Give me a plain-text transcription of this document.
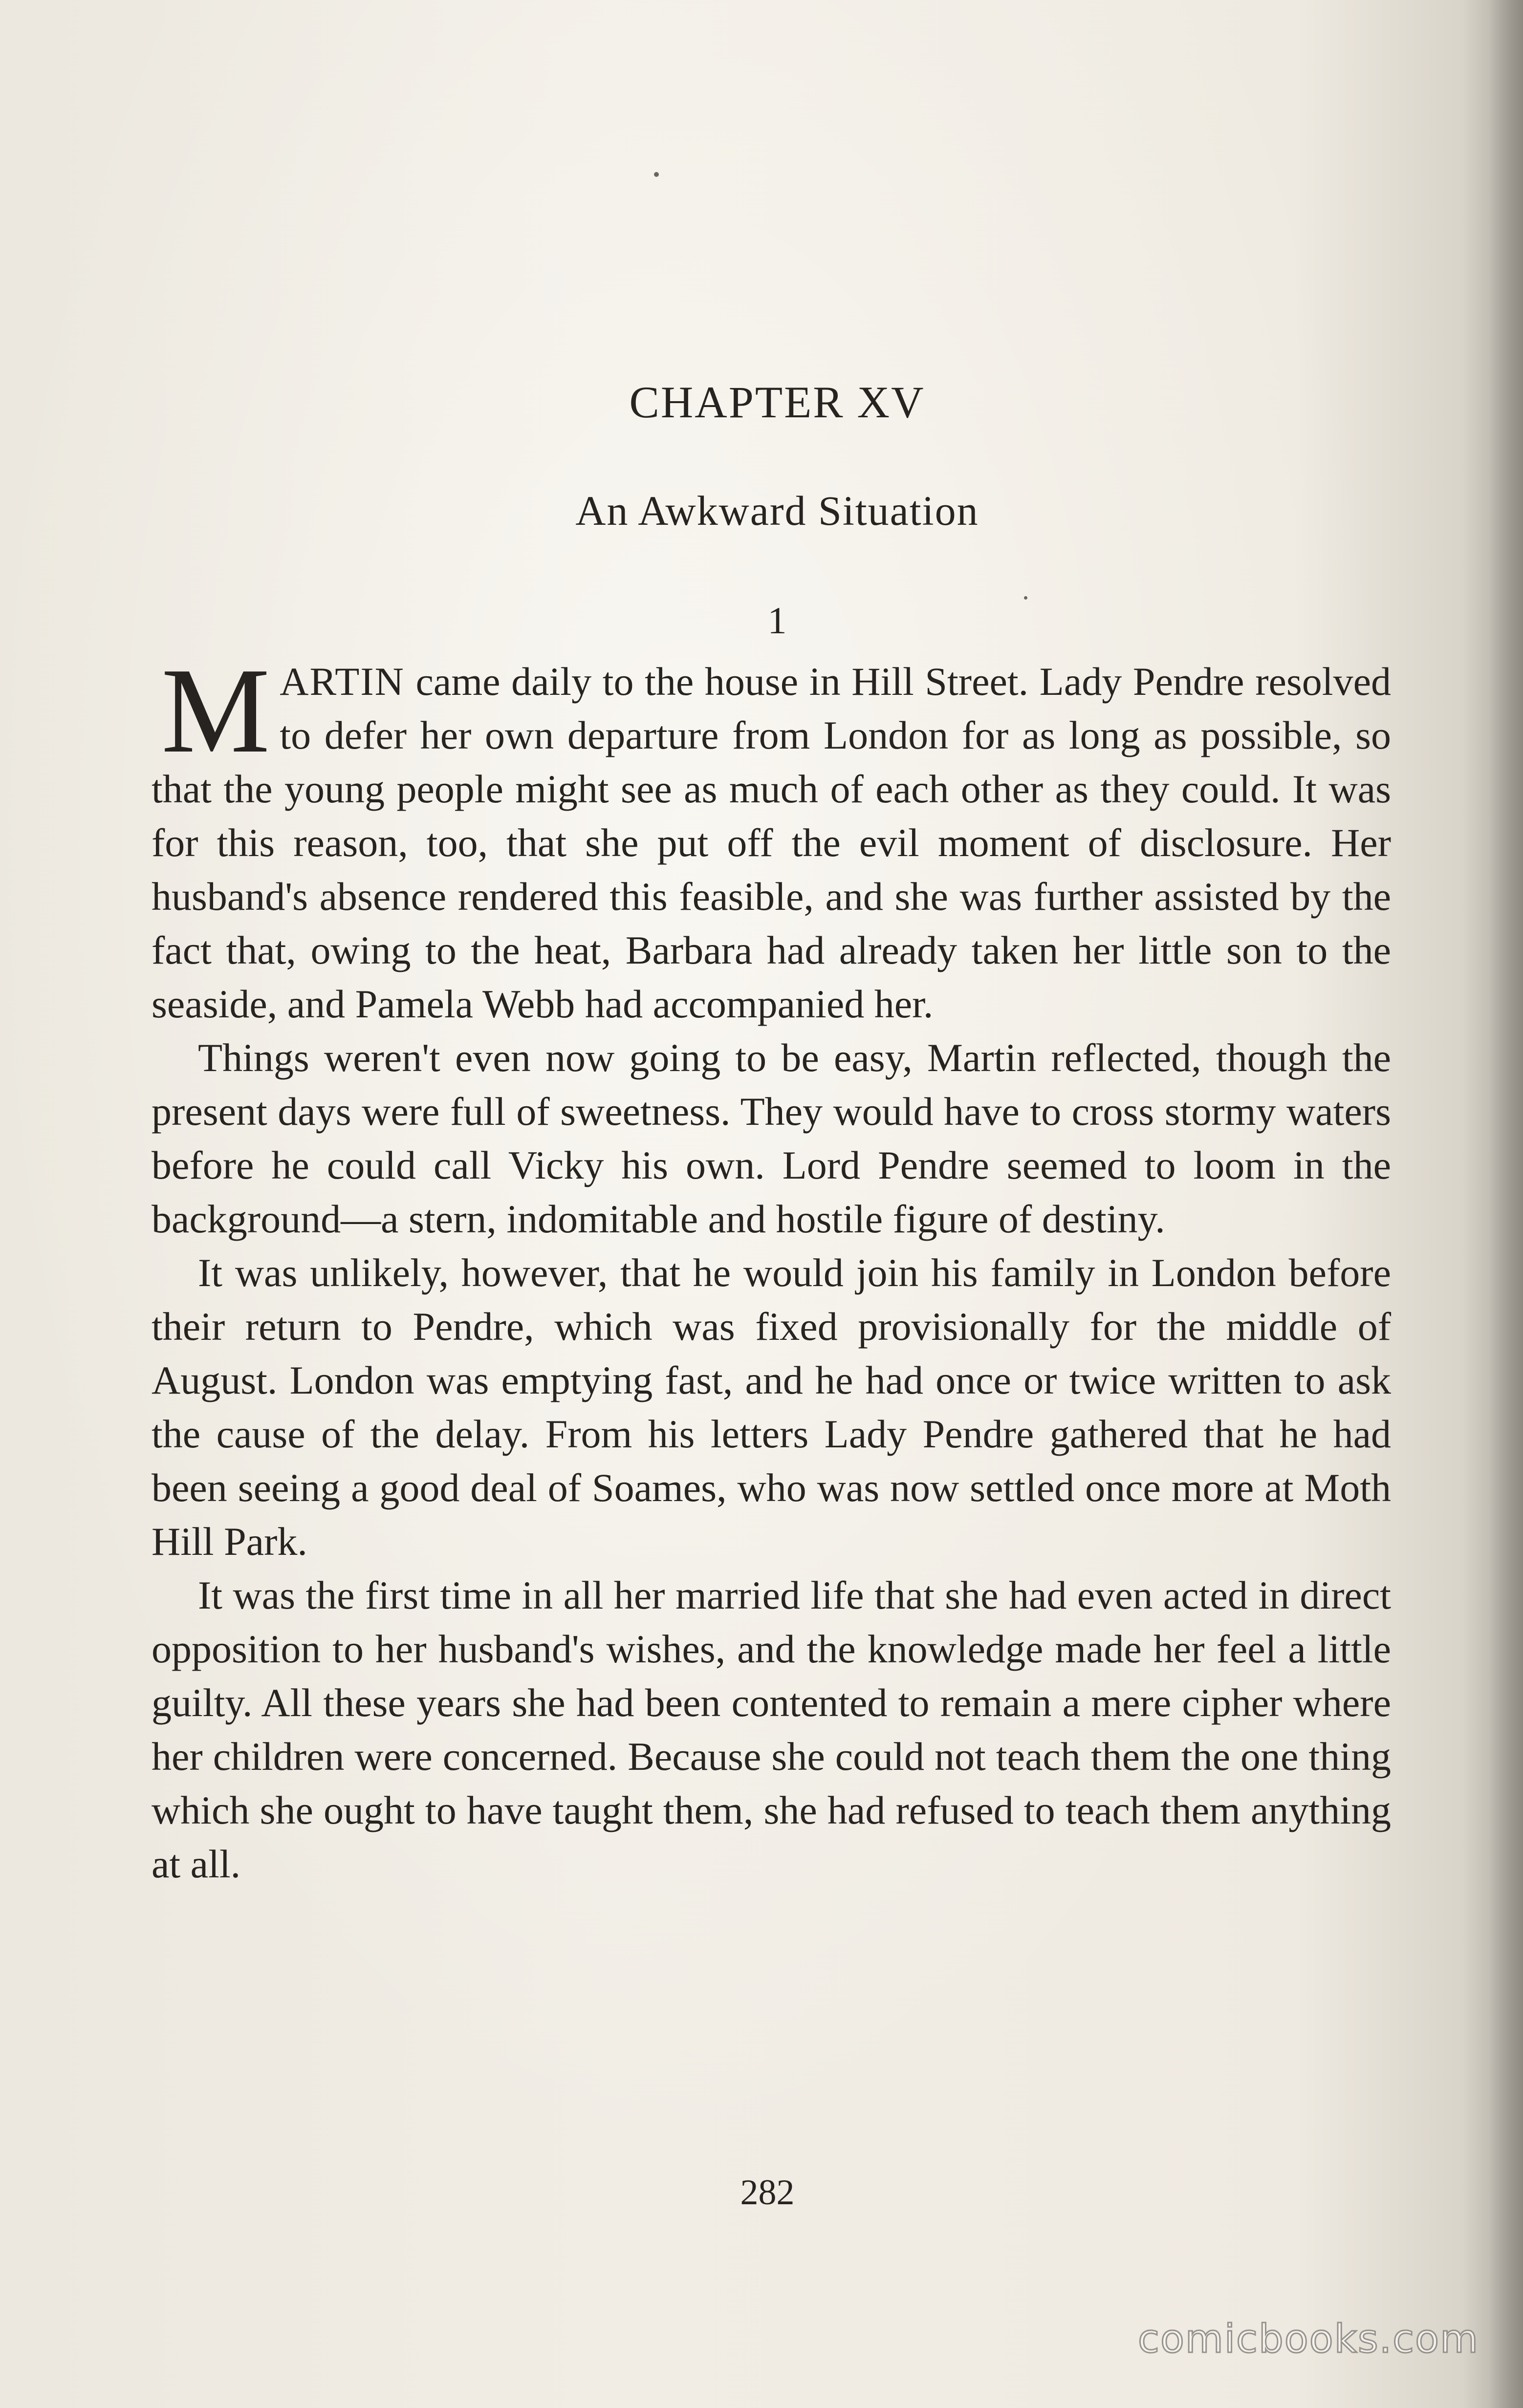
CHAPTER XV
An Awkward Situation
1

MARTIN came daily to the house in Hill Street. Lady Pendre resolved to defer her own departure from London for as long as possible, so that the young people might see as much of each other as they could. It was for this reason, too, that she put off the evil moment of disclosure. Her husband's absence rendered this feasible, and she was further assisted by the fact that, owing to the heat, Barbara had already taken her little son to the seaside, and Pamela Webb had accompanied her.

Things weren't even now going to be easy, Martin reflected, though the present days were full of sweetness. They would have to cross stormy waters before he could call Vicky his own. Lord Pendre seemed to loom in the background—a stern, indomitable and hostile figure of destiny.

It was unlikely, however, that he would join his family in London before their return to Pendre, which was fixed provisionally for the middle of August. London was emptying fast, and he had once or twice written to ask the cause of the delay. From his letters Lady Pendre gathered that he had been seeing a good deal of Soames, who was now settled once more at Moth Hill Park.

It was the first time in all her married life that she had even acted in direct opposition to her husband's wishes, and the knowledge made her feel a little guilty. All these years she had been contented to remain a mere cipher where her children were concerned. Because she could not teach them the one thing which she ought to have taught them, she had refused to teach them anything at all.

282
comicbooks.com
